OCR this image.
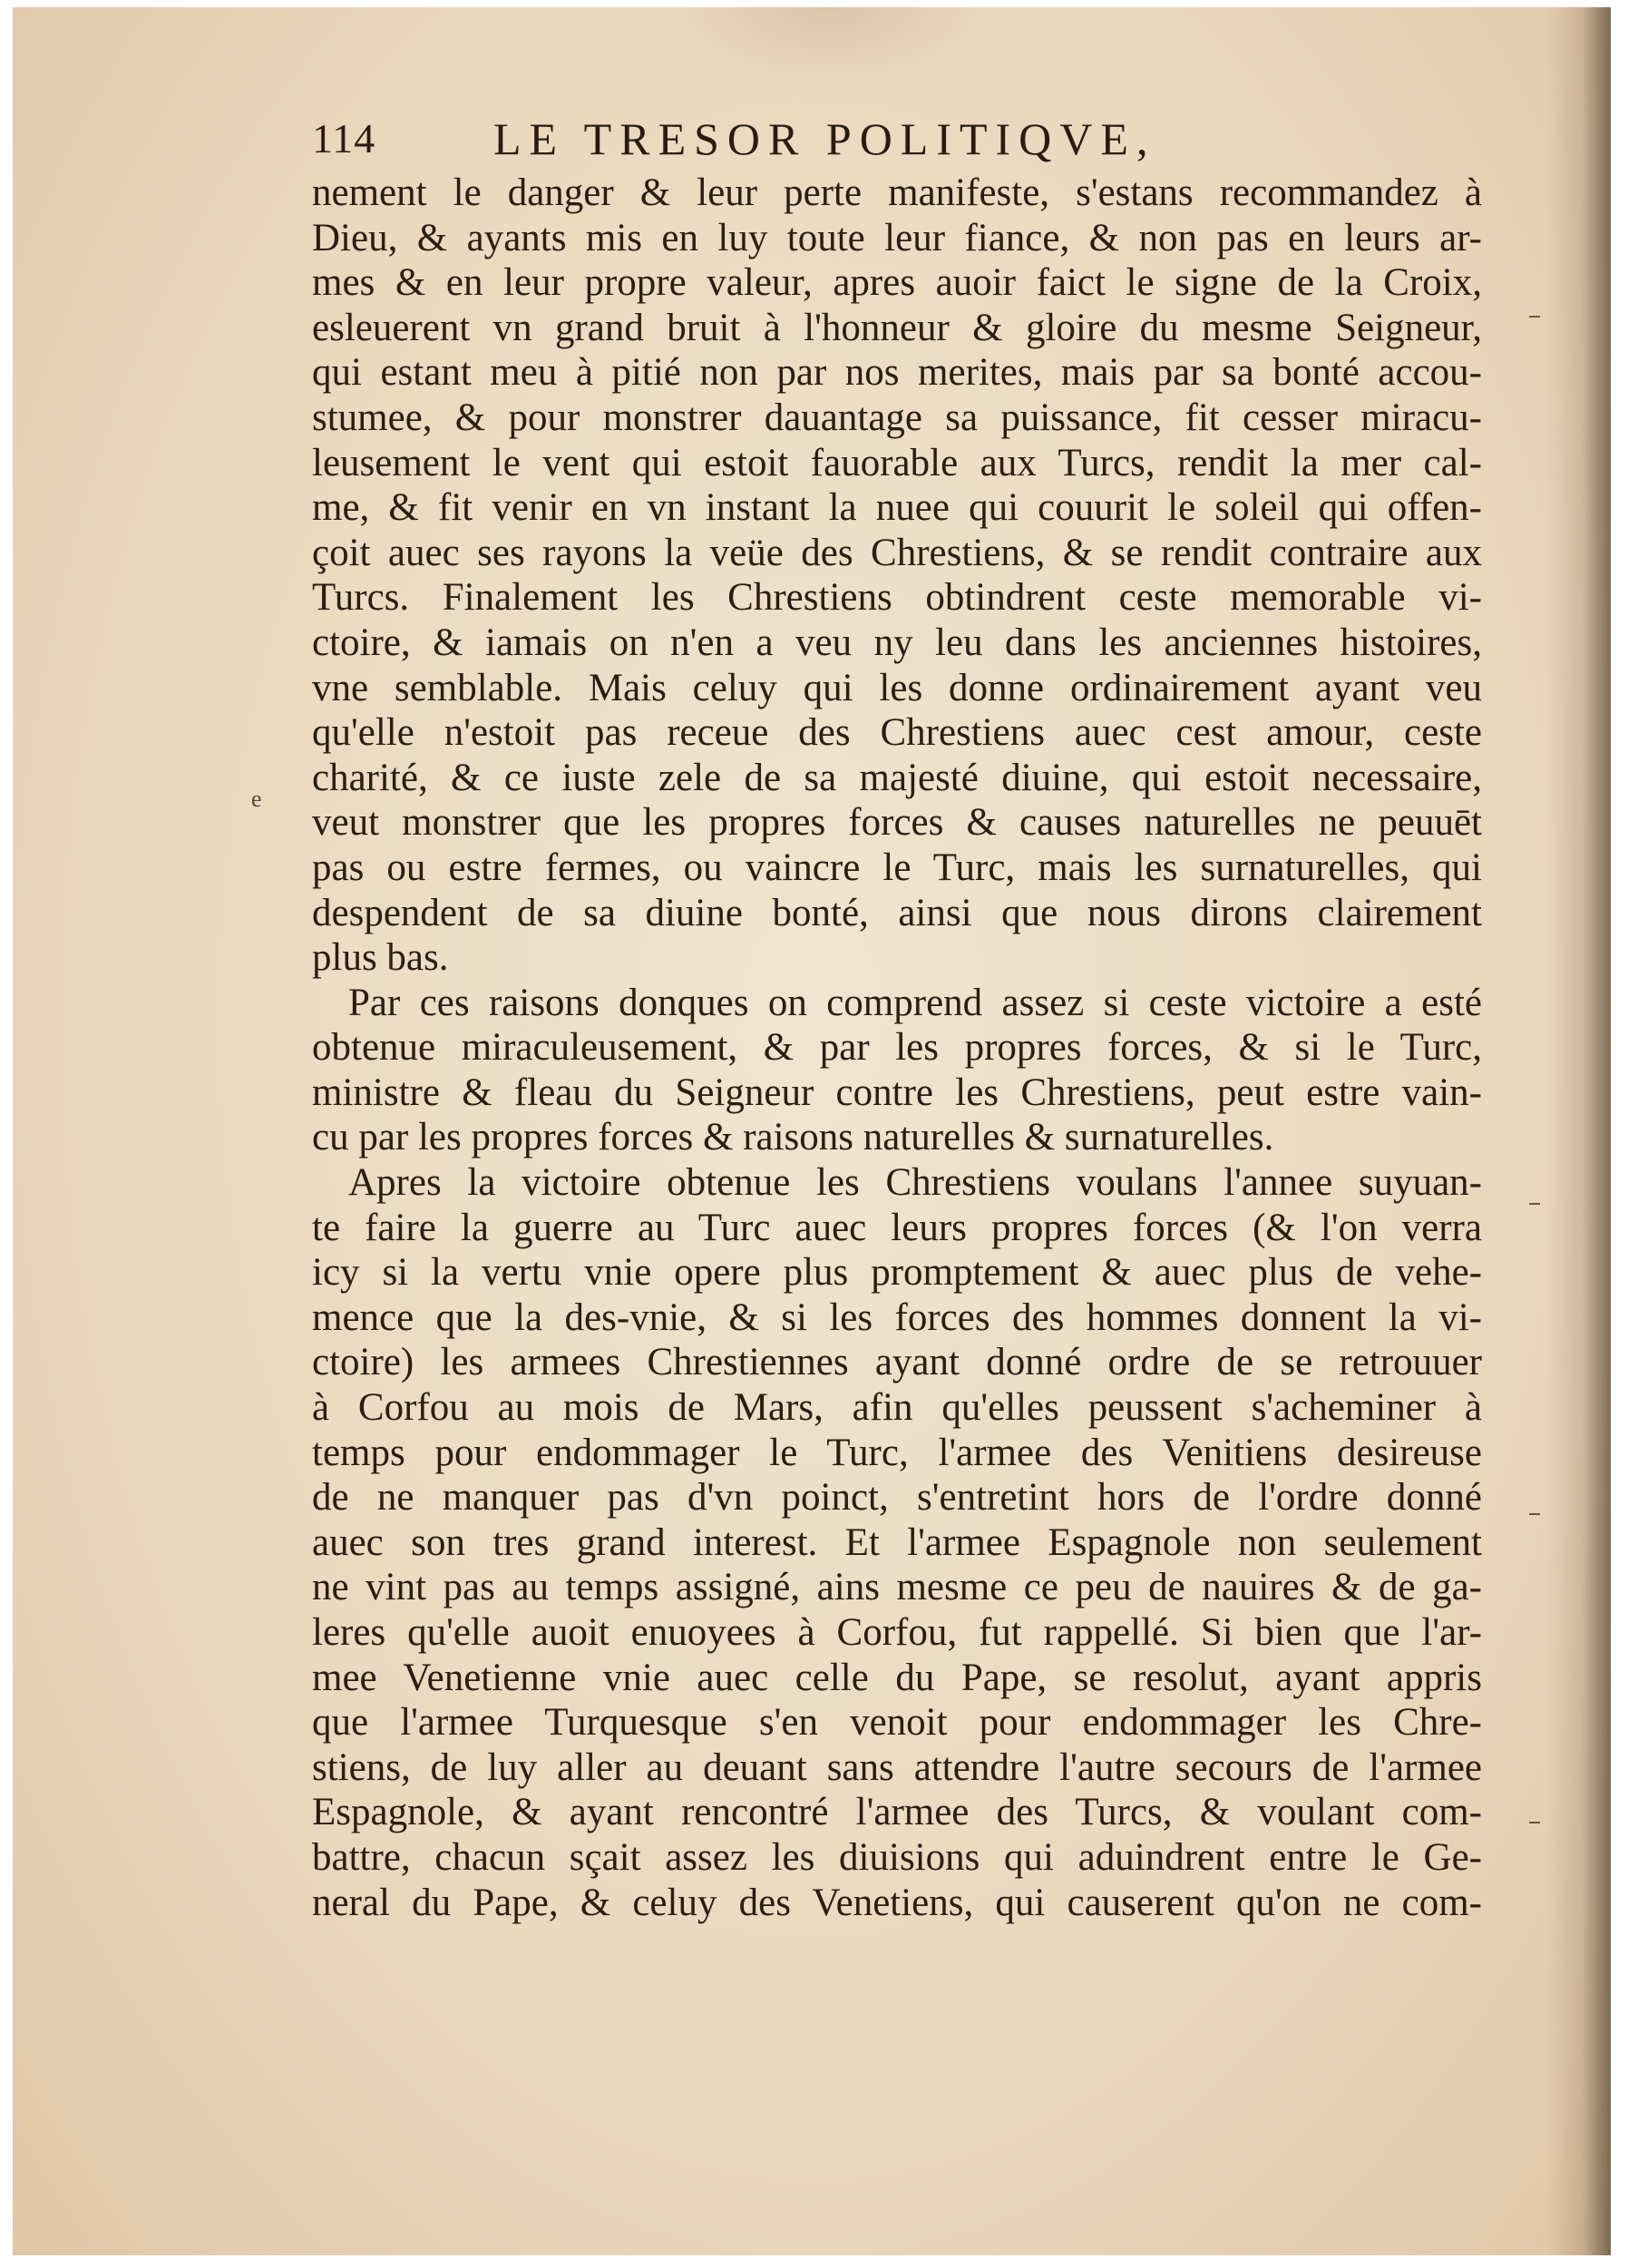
114	LE TRESOR POLITIQVE,
e
nement le danger & leur perte manifeste, s'estans recommandez à
Dieu, & ayants mis en luy toute leur fiance, & non pas en leurs ar-
mes & en leur propre valeur, apres auoir faict le signe de la Croix,
esleuerent vn grand bruit à l'honneur & gloire du mesme Seigneur,
qui estant meu à pitié non par nos merites, mais par sa bonté accou-
stumee, & pour monstrer dauantage sa puissance, fit cesser miracu-
leusement le vent qui estoit fauorable aux Turcs, rendit la mer cal-
me, & fit venir en vn instant la nuee qui couurit le soleil qui offen-
çoit auec ses rayons la veüe des Chrestiens, & se rendit contraire aux
Turcs. Finalement les Chrestiens obtindrent ceste memorable vi-
ctoire, & iamais on n'en a veu ny leu dans les anciennes histoires,
vne semblable. Mais celuy qui les donne ordinairement ayant veu
qu'elle n'estoit pas receue des Chrestiens auec cest amour, ceste
charité, & ce iuste zele de sa majesté diuine, qui estoit necessaire,
veut monstrer que les propres forces & causes naturelles ne peuuēt
pas ou estre fermes, ou vaincre le Turc, mais les surnaturelles, qui
despendent de sa diuine bonté, ainsi que nous dirons clairement
plus bas.
Par ces raisons donques on comprend assez si ceste victoire a esté
obtenue miraculeusement, & par les propres forces, & si le Turc,
ministre & fleau du Seigneur contre les Chrestiens, peut estre vain-
cu par les propres forces & raisons naturelles & surnaturelles.
Apres la victoire obtenue les Chrestiens voulans l'annee suyuan-
te faire la guerre au Turc auec leurs propres forces (& l'on verra
icy si la vertu vnie opere plus promptement & auec plus de vehe-
mence que la des-vnie, & si les forces des hommes donnent la vi-
ctoire) les armees Chrestiennes ayant donné ordre de se retrouuer
à Corfou au mois de Mars, afin qu'elles peussent s'acheminer à
temps pour endommager le Turc, l'armee des Venitiens desireuse
de ne manquer pas d'vn poinct, s'entretint hors de l'ordre donné
auec son tres grand interest. Et l'armee Espagnole non seulement
ne vint pas au temps assigné, ains mesme ce peu de nauires & de ga-
leres qu'elle auoit enuoyees à Corfou, fut rappellé. Si bien que l'ar-
mee Venetienne vnie auec celle du Pape, se resolut, ayant appris
que l'armee Turquesque s'en venoit pour endommager les Chre-
stiens, de luy aller au deuant sans attendre l'autre secours de l'armee
Espagnole, & ayant rencontré l'armee des Turcs, & voulant com-
battre, chacun sçait assez les diuisions qui aduindrent entre le Ge-
neral du Pape, & celuy des Venetiens, qui causerent qu'on ne com-
